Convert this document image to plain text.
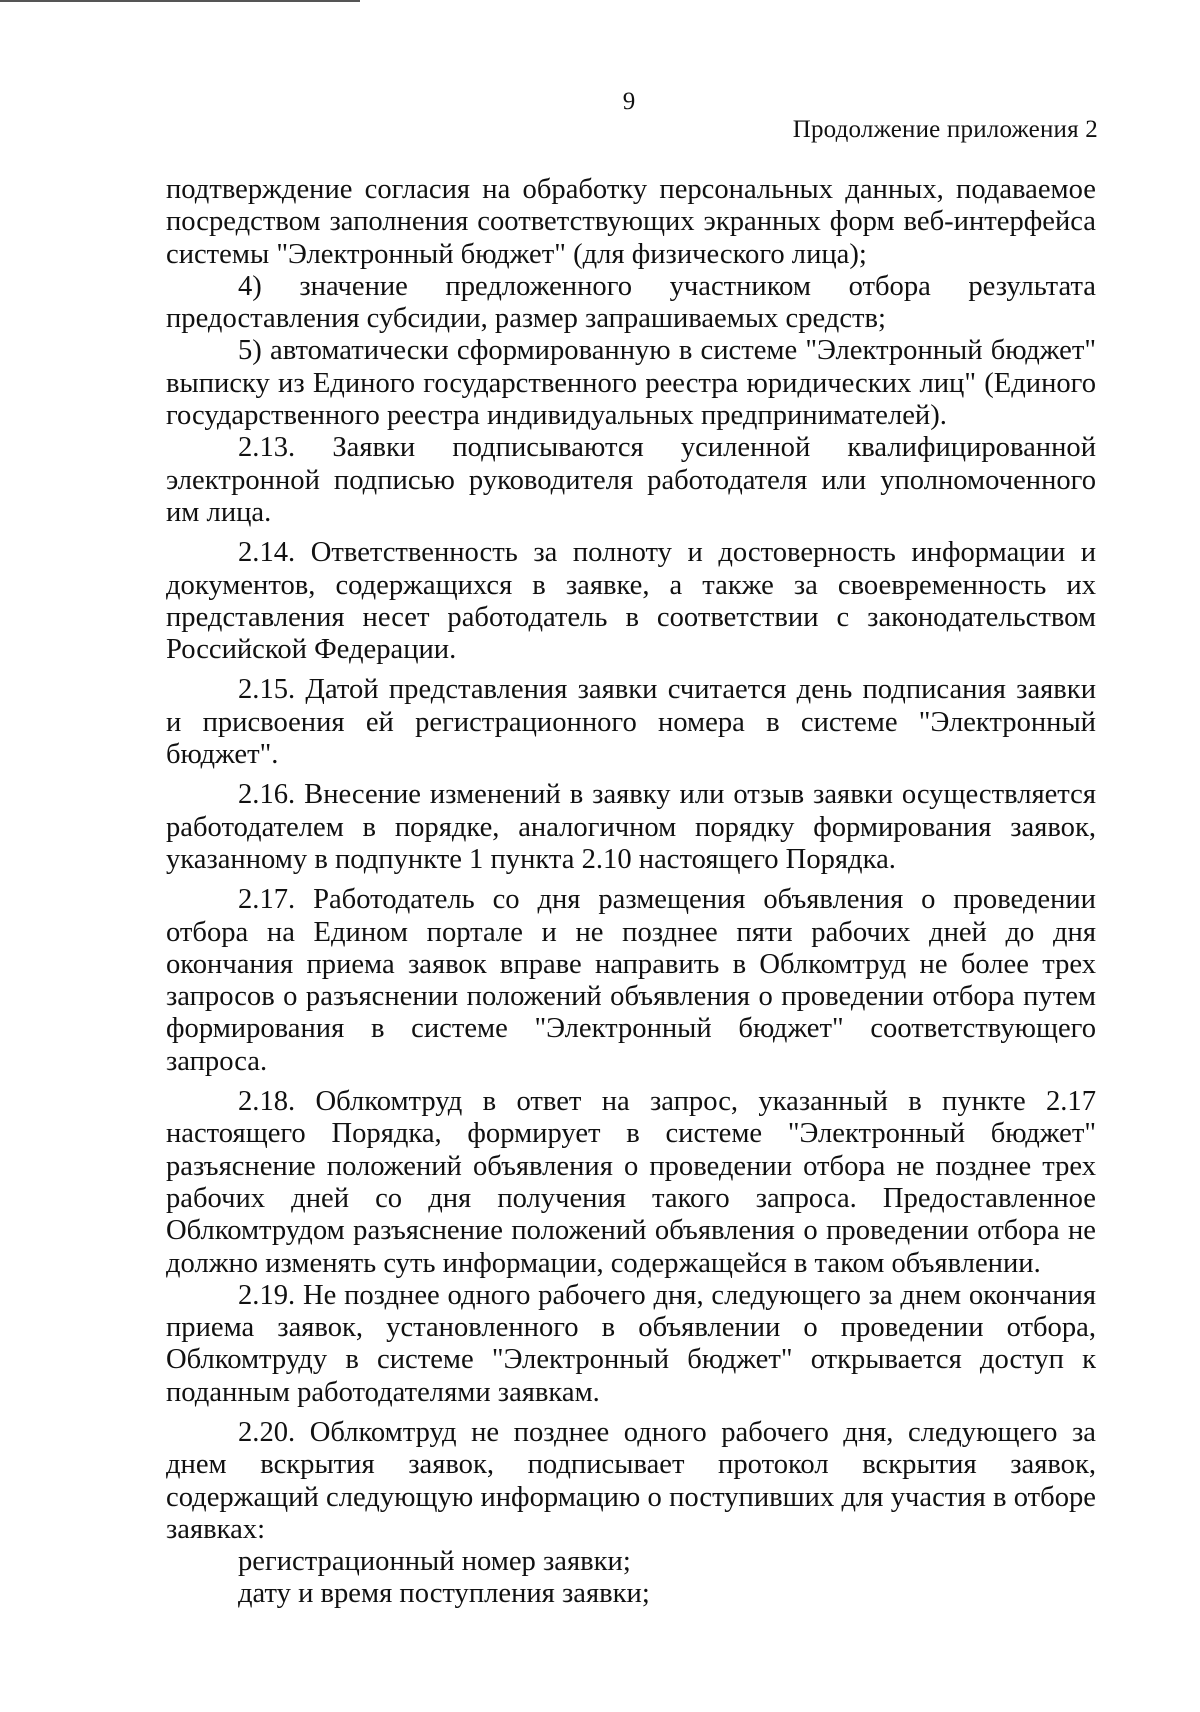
9
Продолжение приложения 2

подтверждение согласия на обработку персональных данных, подаваемое посредством заполнения соответствующих экранных форм веб-интерфейса системы "Электронный бюджет" (для физического лица);

4) значение предложенного участником отбора результата предоставления субсидии, размер запрашиваемых средств;

5) автоматически сформированную в системе "Электронный бюджет" выписку из Единого государственного реестра юридических лиц" (Единого государственного реестра индивидуальных предпринимателей).

2.13. Заявки подписываются усиленной квалифицированной электронной подписью руководителя работодателя или уполномоченного им лица.

2.14. Ответственность за полноту и достоверность информации и документов, содержащихся в заявке, а также за своевременность их представления несет работодатель в соответствии с законодательством Российской Федерации.

2.15. Датой представления заявки считается день подписания заявки и присвоения ей регистрационного номера в системе "Электронный бюджет".

2.16. Внесение изменений в заявку или отзыв заявки осуществляется работодателем в порядке, аналогичном порядку формирования заявок, указанному в подпункте 1 пункта 2.10 настоящего Порядка.

2.17. Работодатель со дня размещения объявления о проведении отбора на Едином портале и не позднее пяти рабочих дней до дня окончания приема заявок вправе направить в Облкомтруд не более трех запросов о разъяснении положений объявления о проведении отбора путем формирования в системе "Электронный бюджет" соответствующего запроса.

2.18. Облкомтруд в ответ на запрос, указанный в пункте 2.17 настоящего Порядка, формирует в системе "Электронный бюджет" разъяснение положений объявления о проведении отбора не позднее трех рабочих дней со дня получения такого запроса. Предоставленное Облкомтрудом разъяснение положений объявления о проведении отбора не должно изменять суть информации, содержащейся в таком объявлении.

2.19. Не позднее одного рабочего дня, следующего за днем окончания приема заявок, установленного в объявлении о проведении отбора, Облкомтруду в системе "Электронный бюджет" открывается доступ к поданным работодателями заявкам.

2.20. Облкомтруд не позднее одного рабочего дня, следующего за днем вскрытия заявок, подписывает протокол вскрытия заявок, содержащий следующую информацию о поступивших для участия в отборе заявках:

регистрационный номер заявки;

дату и время поступления заявки;
